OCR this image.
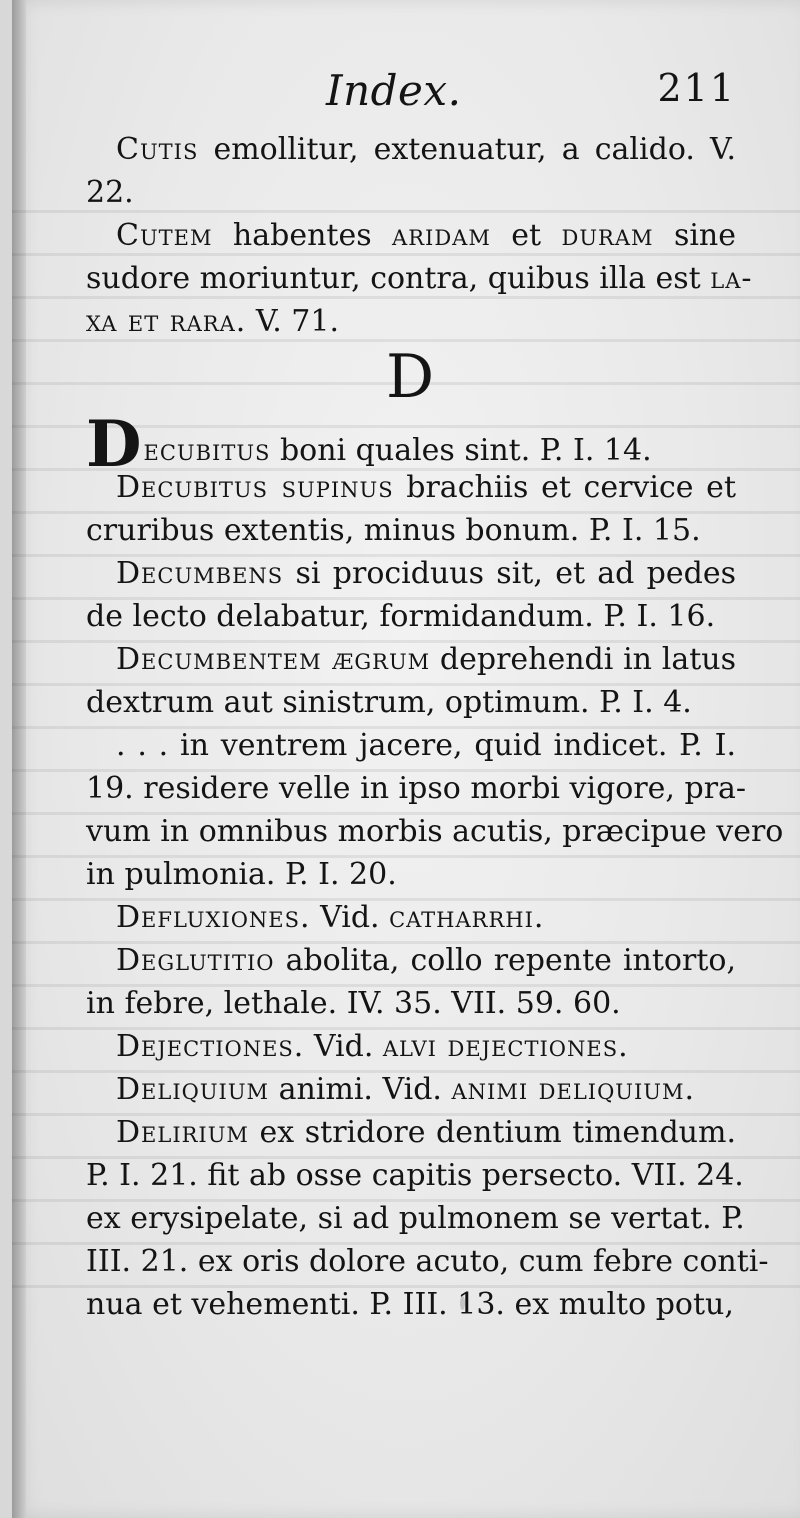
Index.	211
Cutis emollitur, extenuatur, a calido. V.
22.
Cutem habentes aridam et duram sine
sudore moriuntur, contra, quibus illa est la-
xa et rara. V. 71.
D
Decubitus boni quales sint. P. I. 14.
Decubitus supinus brachiis et cervice et
cruribus extentis, minus bonum. P. I. 15.
Decumbens si prociduus sit, et ad pedes
de lecto delabatur, formidandum. P. I. 16.
Decumbentem ægrum deprehendi in latus
dextrum aut sinistrum, optimum. P. I. 4.
. . . in ventrem jacere, quid indicet. P. I.
19. residere velle in ipso morbi vigore, pra-
vum in omnibus morbis acutis, præcipue vero
in pulmonia. P. I. 20.
Defluxiones. Vid. catharrhi.
Deglutitio abolita, collo repente intorto,
in febre, lethale. IV. 35. VII. 59. 60.
Dejectiones. Vid. alvi dejectiones.
Deliquium animi. Vid. animi deliquium.
Delirium ex stridore dentium timendum.
P. I. 21. fit ab osse capitis persecto. VII. 24.
ex erysipelate, si ad pulmonem se vertat. P.
III. 21. ex oris dolore acuto, cum febre conti-
nua et vehementi. P. III. 13. ex multo potu,
